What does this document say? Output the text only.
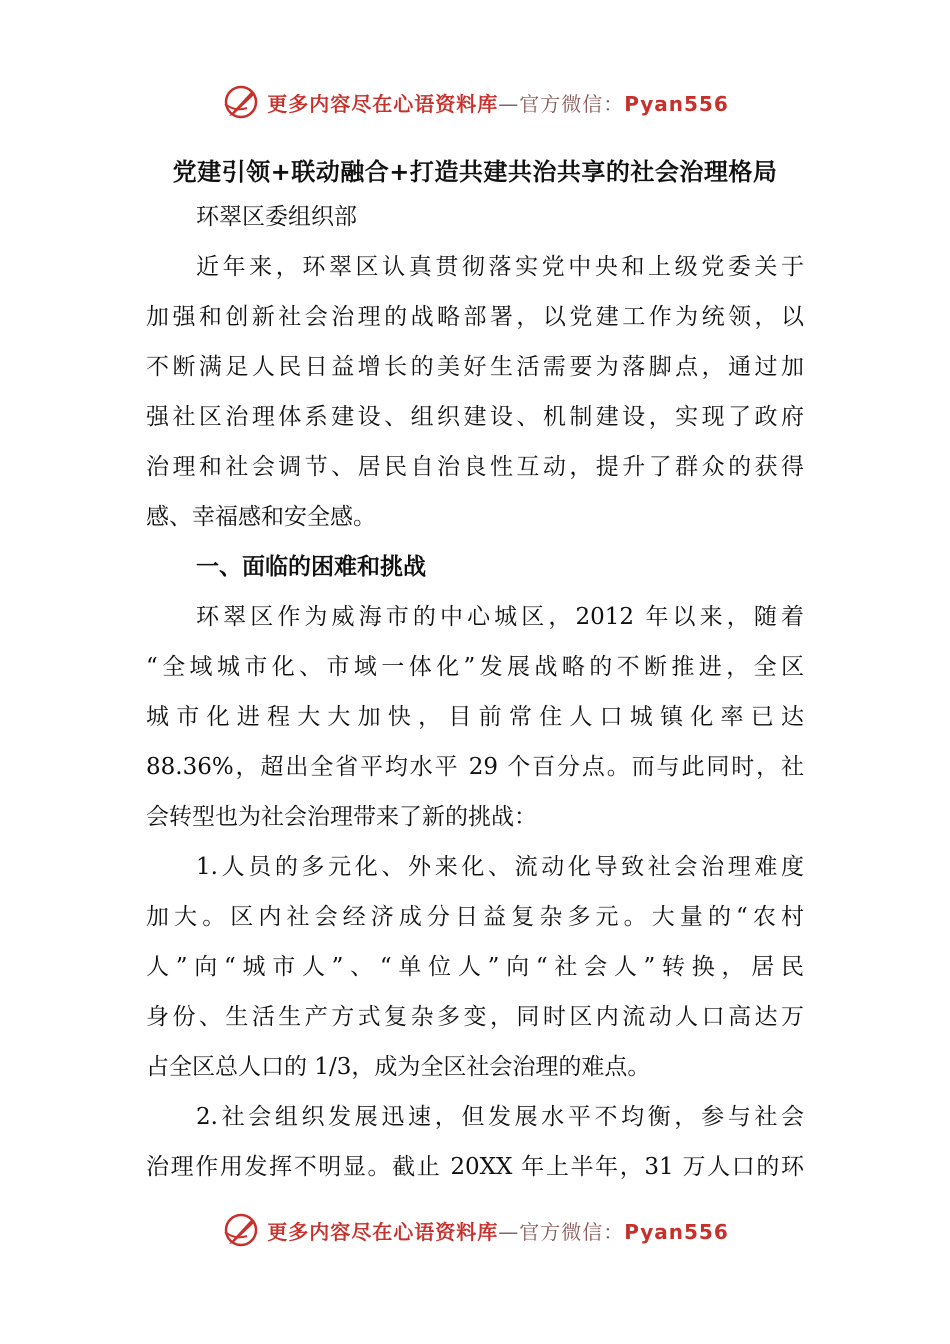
更多内容尽在心语资料库—官方微信：Pyan556
党建引领+联动融合+打造共建共治共享的社会治理格局
环翠区委组织部
近年来，环翠区认真贯彻落实党中央和上级党委关于
加强和创新社会治理的战略部署，以党建工作为统领，以
不断满足人民日益增长的美好生活需要为落脚点，通过加
强社区治理体系建设、组织建设、机制建设，实现了政府
治理和社会调节、居民自治良性互动，提升了群众的获得
感、幸福感和安全感。
一、面临的困难和挑战
环翠区作为威海市的中心城区，2012 年以来，随着
“全域城市化、市域一体化”发展战略的不断推进，全区
城市化进程大大加快，目前常住人口城镇化率已达
88.36%，超出全省平均水平 29 个百分点。而与此同时，社
会转型也为社会治理带来了新的挑战：
1.人员的多元化、外来化、流动化导致社会治理难度
加大。区内社会经济成分日益复杂多元。大量的“农村
人”向“城市人”、“单位人”向“社会人”转换，居民
身份、生活生产方式复杂多变，同时区内流动人口高达万
占全区总人口的 1/3，成为全区社会治理的难点。
2.社会组织发展迅速，但发展水平不均衡，参与社会
治理作用发挥不明显。截止 20XX 年上半年，31 万人口的环
更多内容尽在心语资料库—官方微信：Pyan556
